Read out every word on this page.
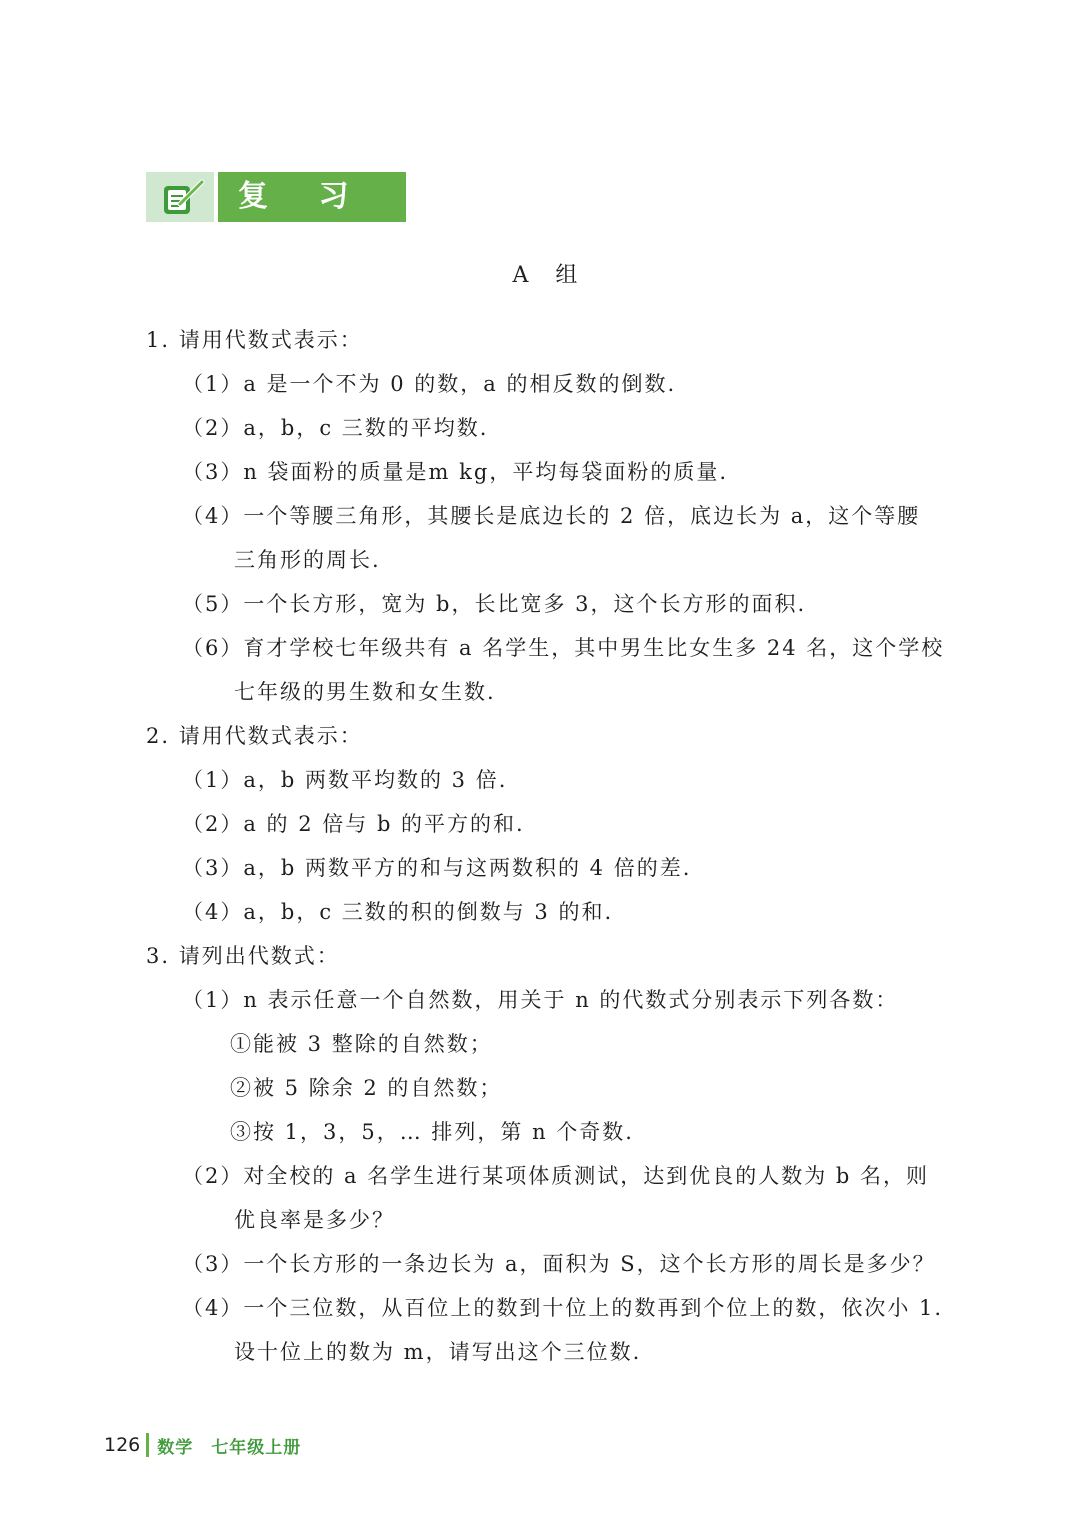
复 习 题
A 组
1. 请用代数式表示：
（1）a 是一个不为 0 的数，a 的相反数的倒数.
（2）a，b，c 三数的平均数.
（3）n 袋面粉的质量是m kg，平均每袋面粉的质量.
（4）一个等腰三角形，其腰长是底边长的 2 倍，底边长为 a，这个等腰
三角形的周长.
（5）一个长方形，宽为 b，长比宽多 3，这个长方形的面积.
（6）育才学校七年级共有 a 名学生，其中男生比女生多 24 名，这个学校
七年级的男生数和女生数.
2. 请用代数式表示：
（1）a，b 两数平均数的 3 倍.
（2）a 的 2 倍与 b 的平方的和.
（3）a，b 两数平方的和与这两数积的 4 倍的差.
（4）a，b，c 三数的积的倒数与 3 的和.
3. 请列出代数式：
（1）n 表示任意一个自然数，用关于 n 的代数式分别表示下列各数：
①能被 3 整除的自然数；
②被 5 除余 2 的自然数；
③按 1，3，5，… 排列，第 n 个奇数.
（2）对全校的 a 名学生进行某项体质测试，达到优良的人数为 b 名，则
优良率是多少？
（3）一个长方形的一条边长为 a，面积为 S，这个长方形的周长是多少？
（4）一个三位数，从百位上的数到十位上的数再到个位上的数，依次小 1.
设十位上的数为 m，请写出这个三位数.
126 数学 七年级上册
